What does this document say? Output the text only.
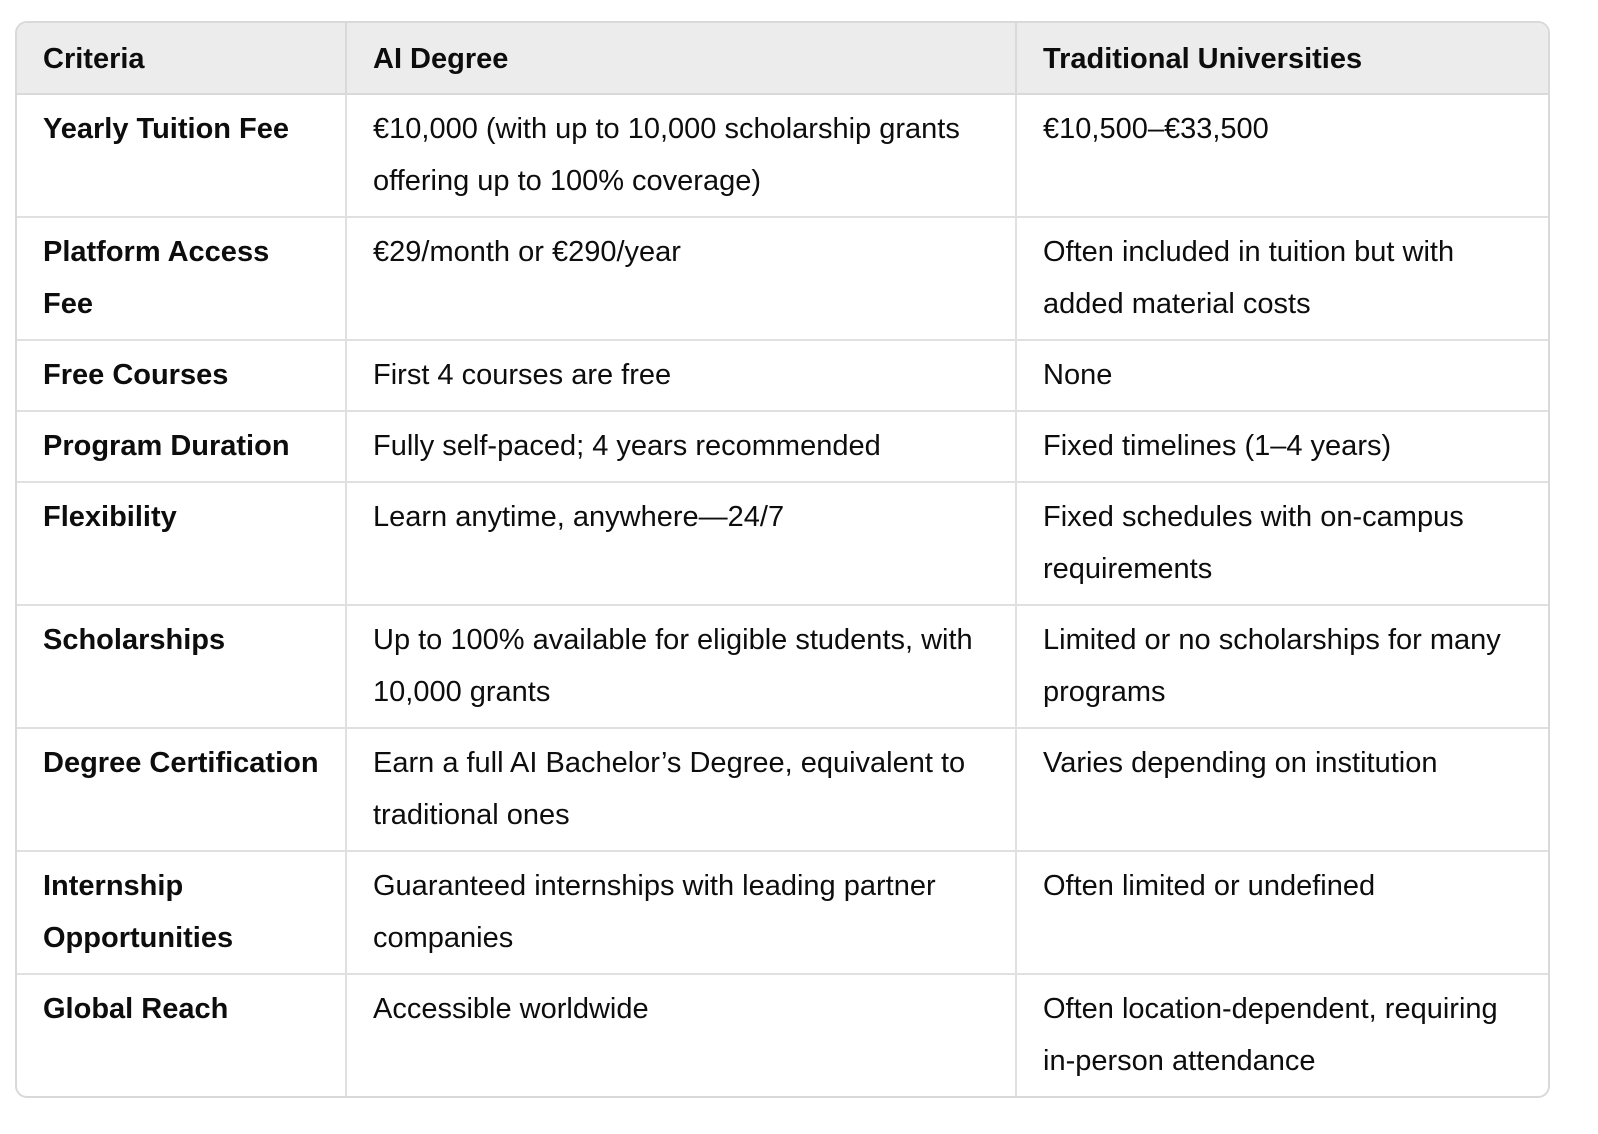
Criteria	AI Degree	Traditional Universities
Yearly Tuition Fee	€10,000 (with up to 10,000 scholarship grants offering up to 100% coverage)	€10,500–€33,500
Platform Access Fee	€29/month or €290/year	Often included in tuition but with added material costs
Free Courses	First 4 courses are free	None
Program Duration	Fully self-paced; 4 years recommended	Fixed timelines (1–4 years)
Flexibility	Learn anytime, anywhere—24/7	Fixed schedules with on-campus requirements
Scholarships	Up to 100% available for eligible students, with 10,000 grants	Limited or no scholarships for many programs
Degree Certification	Earn a full AI Bachelor’s Degree, equivalent to traditional ones	Varies depending on institution
Internship Opportunities	Guaranteed internships with leading partner companies	Often limited or undefined
Global Reach	Accessible worldwide	Often location-dependent, requiring in-person attendance
